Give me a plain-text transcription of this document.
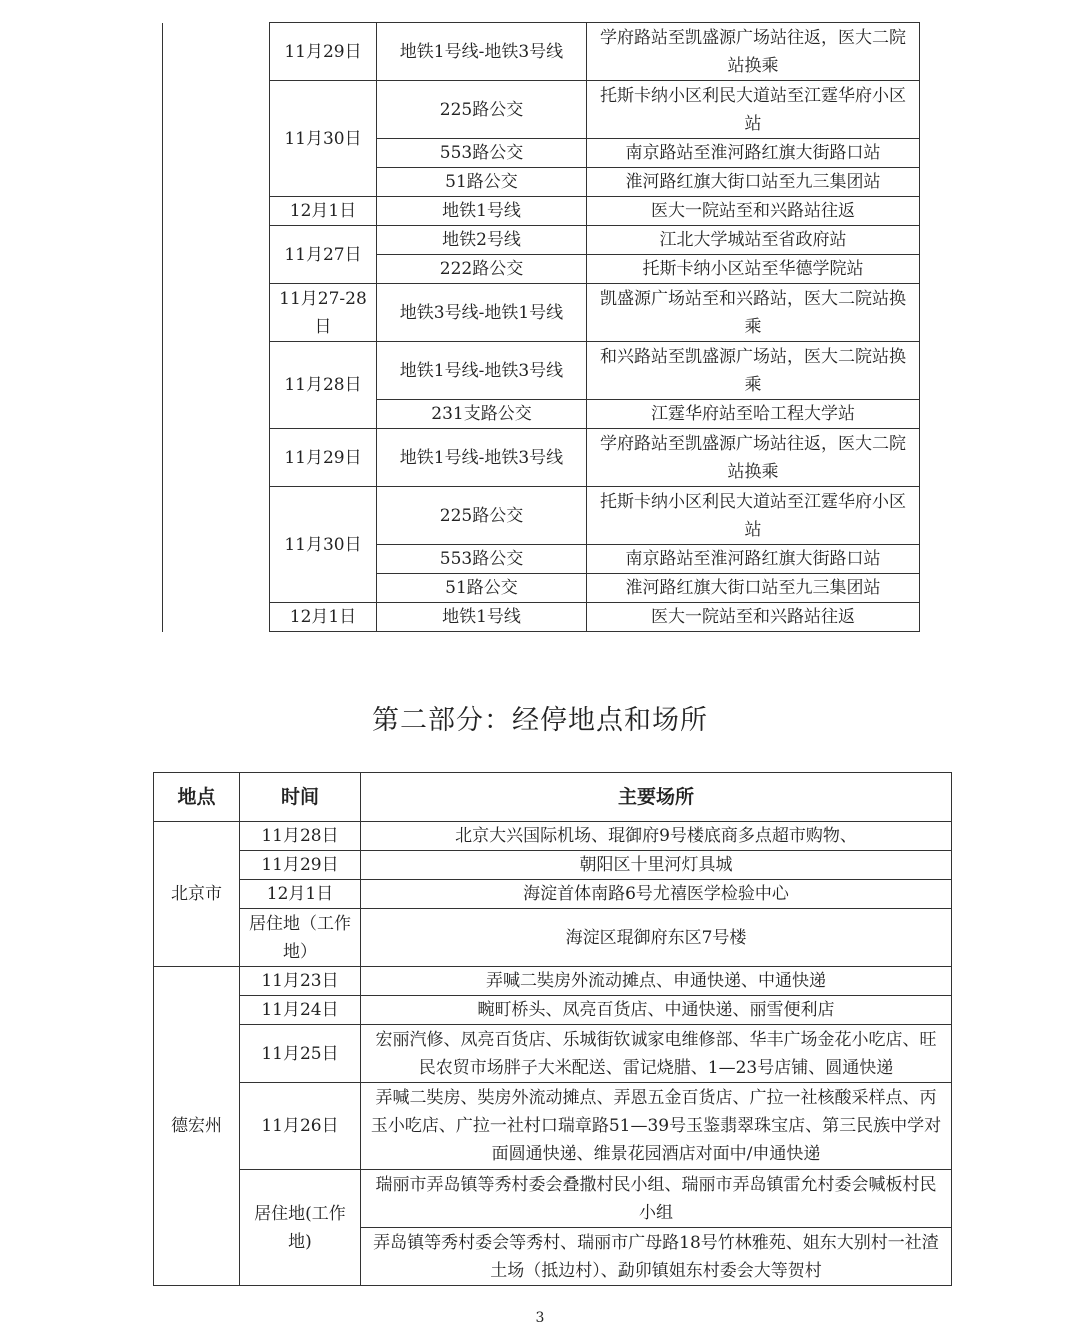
	11月29日	地铁1号线-地铁3号线	学府路站至凯盛源广场站往返，医大二院站换乘
	11月30日	225路公交	托斯卡纳小区利民大道站至江霆华府小区站
		553路公交	南京路站至淮河路红旗大街路口站
		51路公交	淮河路红旗大街口站至九三集团站
	12月1日	地铁1号线	医大一院站至和兴路站往返
	11月27日	地铁2号线	江北大学城站至省政府站
		222路公交	托斯卡纳小区站至华德学院站
	11月27-28日	地铁3号线-地铁1号线	凯盛源广场站至和兴路站，医大二院站换乘
	11月28日	地铁1号线-地铁3号线	和兴路站至凯盛源广场站，医大二院站换乘
		231支路公交	江霆华府站至哈工程大学站
	11月29日	地铁1号线-地铁3号线	学府路站至凯盛源广场站往返，医大二院站换乘
	11月30日	225路公交	托斯卡纳小区利民大道站至江霆华府小区站
		553路公交	南京路站至淮河路红旗大街路口站
		51路公交	淮河路红旗大街口站至九三集团站
	12月1日	地铁1号线	医大一院站至和兴路站往返
第二部分：经停地点和场所
地点	时间	主要场所
北京市	11月28日	北京大兴国际机场、琨御府9号楼底商多点超市购物、
	11月29日	朝阳区十里河灯具城
	12月1日	海淀首体南路6号尤禧医学检验中心
	居住地（工作地）	海淀区琨御府东区7号楼
德宏州	11月23日	弄喊二奘房外流动摊点、申通快递、中通快递
	11月24日	畹町桥头、凤亮百货店、中通快递、丽雪便利店
	11月25日	宏丽汽修、凤亮百货店、乐城街钦诚家电维修部、华丰广场金花小吃店、旺民农贸市场胖子大米配送、雷记烧腊、1—23号店铺、圆通快递
	11月26日	弄喊二奘房、奘房外流动摊点、弄恩五金百货店、广拉一社核酸采样点、丙玉小吃店、广拉一社村口瑞章路51—39号玉鉴翡翠珠宝店、第三民族中学对面圆通快递、维景花园酒店对面中/申通快递
	居住地(工作地)	瑞丽市弄岛镇等秀村委会叠撒村民小组、瑞丽市弄岛镇雷允村委会喊板村民小组
		弄岛镇等秀村委会等秀村、瑞丽市广母路18号竹林雅苑、姐东大别村一社渣土场（抵边村）、勐卯镇姐东村委会大等贺村
3
